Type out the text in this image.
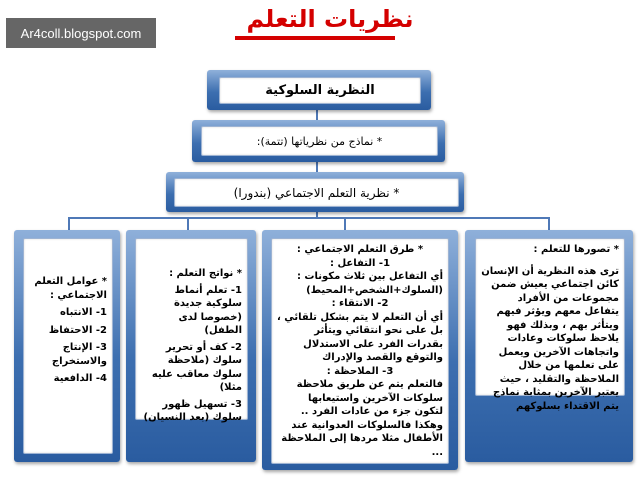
Ar4coll.blogspot.com	نظريات التعلم
النظرية السلوكية
* نماذج من نظرياتها (تتمة):
* نظرية التعلم الاجتماعي (بندورا)

* تصورها للتعلم :

ترى هذه النظرية أن الإنسان كائن اجتماعي يعيش ضمن مجموعات من الأفراد يتفاعل معهم ويؤثر فيهم ويتأثر بهم ، وبذلك فهو يلاحظ سلوكات وعادات واتجاهات الآخرين ويعمل على تعلمها من خلال الملاحظة والتقليد ، حيث يعتبر الآخرين بمثابة نماذج يتم الاقتداء بسلوكهم

* طرق التعلم الاجتماعي :

1- التفاعل :

أي التفاعل بين ثلاث مكونات : (السلوك+الشخص+المحيط)

2- الانتقاء :

أي أن التعلم لا يتم بشكل تلقائي ، بل على نحو انتقائي ويتأثر بقدرات الفرد على الاستدلال والتوقع والقصد والإدراك

3- الملاحظة :

فالتعلم يتم عن طريق ملاحظة سلوكات الآخرين واستيعابها لتكون جزء من عادات الفرد .. وهكذا فالسلوكات العدوانية عند الأطفال مثلا مردها إلى الملاحظة ...

* نواتج التعلم :

1- تعلم أنماط سلوكية جديدة (خصوصا لدى الطفل)

2- كف أو تحرير سلوك (ملاحظة سلوك معاقب عليه مثلا)

3- تسهيل ظهور سلوك (بعد النسيان)

* عوامل التعلم الاجتماعي :

1- الانتباه

2- الاحتفاظ

3- الإنتاج والاستخراج

4- الدافعية
